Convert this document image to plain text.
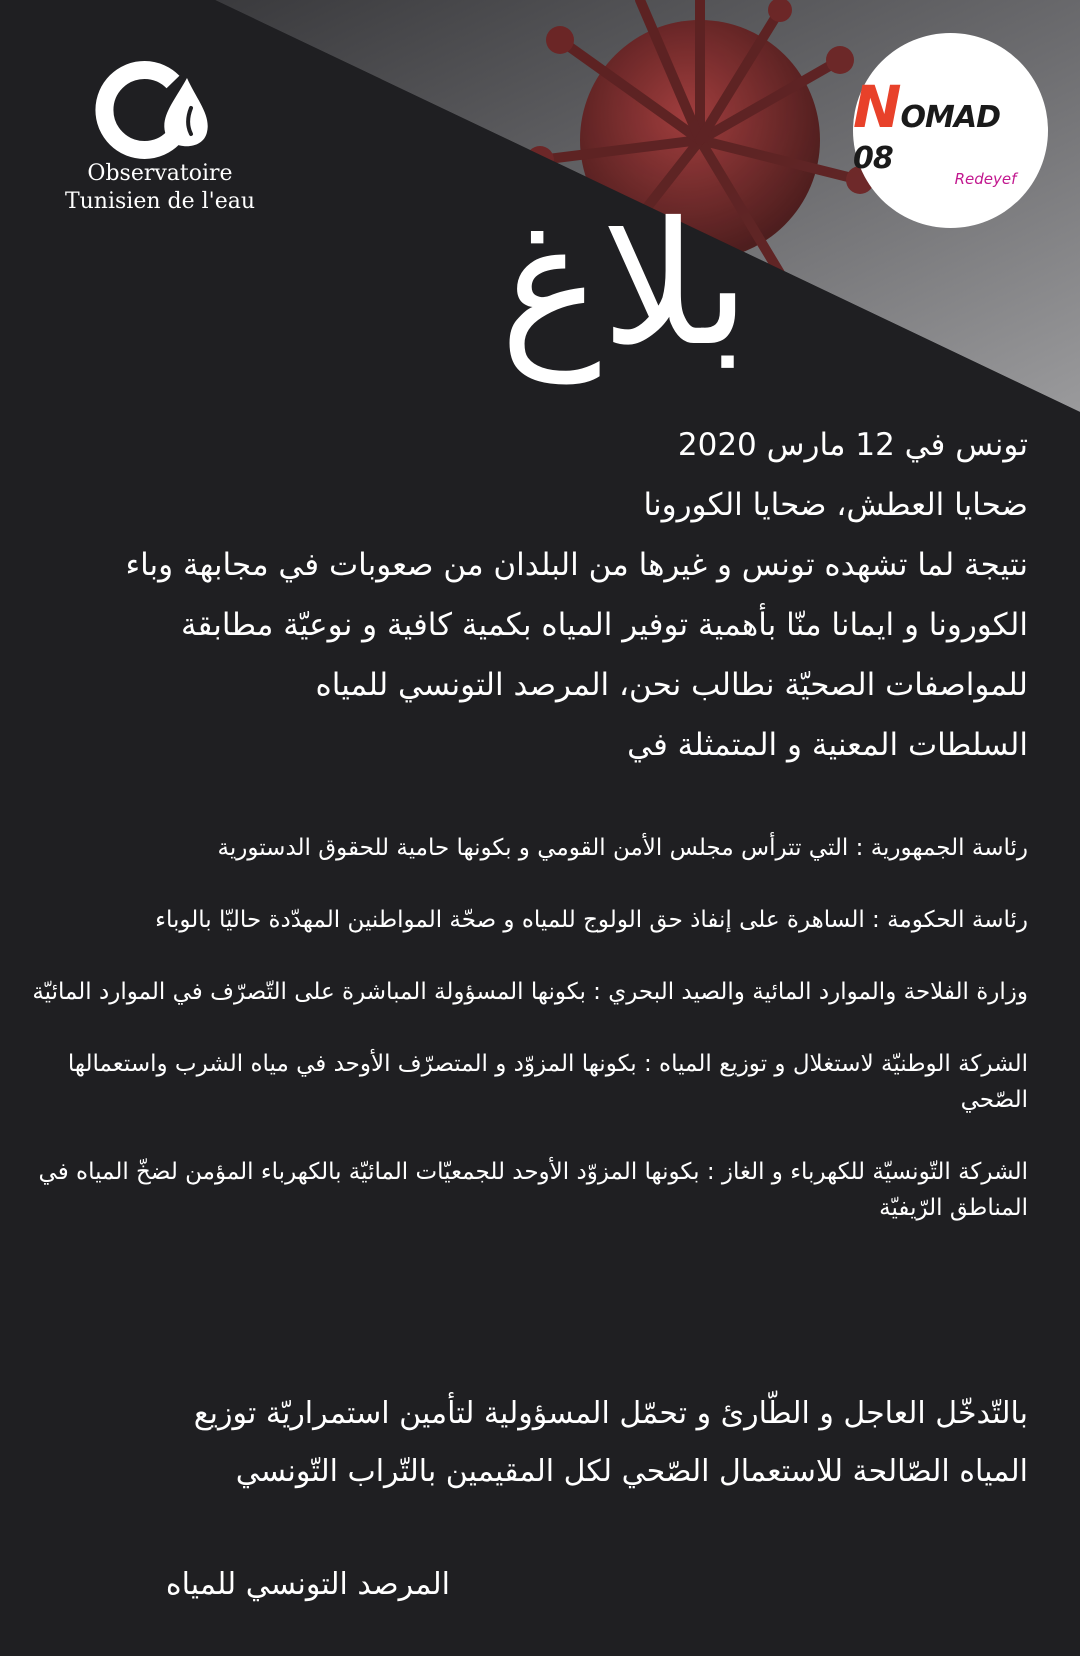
Observatoire
Tunisien de l'eau
NOMAD 08
Redeyef
بلاغ

تونس في 12 مارس 2020

ضحايا العطش، ضحايا الكورونا

نتيجة لما تشهده تونس و غيرها من البلدان من صعوبات في مجابهة وباء

الكورونا و ايمانا منّا بأهمية توفير المياه بكمية كافية و نوعيّة مطابقة

للمواصفات الصحيّة نطالب نحن، المرصد التونسي للمياه

السلطات المعنية و المتمثلة في

رئاسة الجمهورية : التي تترأس مجلس الأمن القومي و بكونها حامية للحقوق الدستورية

رئاسة الحكومة : الساهرة على إنفاذ حق الولوج للمياه و صحّة المواطنين المهدّدة حاليّا بالوباء

وزارة الفلاحة والموارد المائية والصيد البحري : بكونها المسؤولة المباشرة على التّصرّف في الموارد المائيّة

الشركة الوطنيّة لاستغلال و توزيع المياه : بكونها المزوّد و المتصرّف الأوحد في مياه الشرب واستعمالها الصّحي

الشركة التّونسيّة للكهرباء و الغاز : بكونها المزوّد الأوحد للجمعيّات المائيّة بالكهرباء المؤمن لضخّ المياه في المناطق الرّيفيّة

بالتّدخّل العاجل و الطّارئ و تحمّل المسؤولية لتأمين استمراريّة توزيع

المياه الصّالحة للاستعمال الصّحي لكل المقيمين بالتّراب التّونسي

المرصد التونسي للمياه
